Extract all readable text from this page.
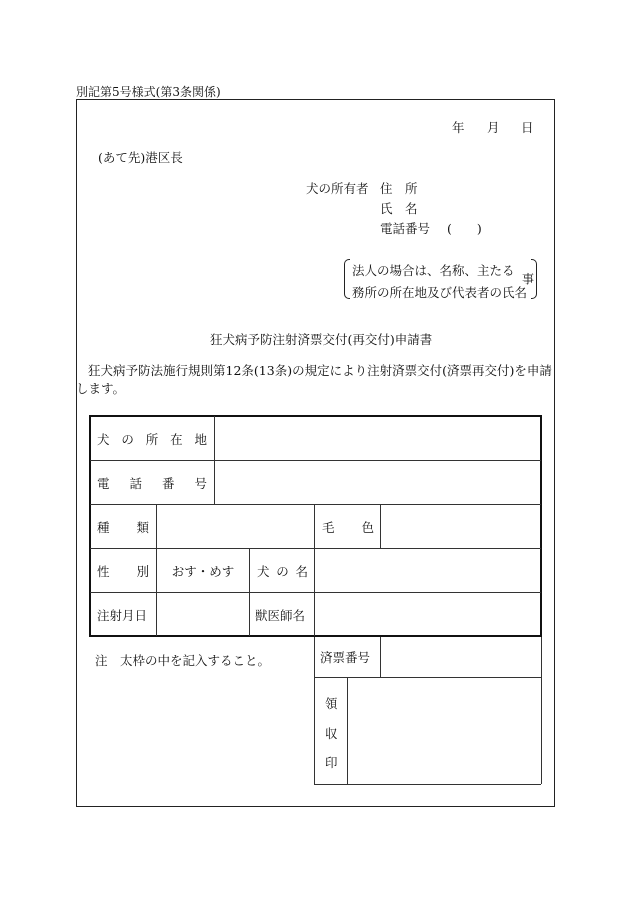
別記第5号様式(第3条関係)
年 月 日
(あて先)港区長
犬の所有者 住　所
氏　名
電話番号 (　　)
法人の場合は、名称、主たる
事
務所の所在地及び代表者の氏名
狂犬病予防注射済票交付(再交付)申請書
狂犬病予防法施行規則第12条(13条)の規定により注射済票交付(済票再交付)を申請
します。
犬 の 所 在 地
電 話 番 号
種 類	毛 色
性 別	おす・めす	犬 の 名
注射月日	獣医師名
注　太枠の中を記入すること。	済票番号
領
収
印
